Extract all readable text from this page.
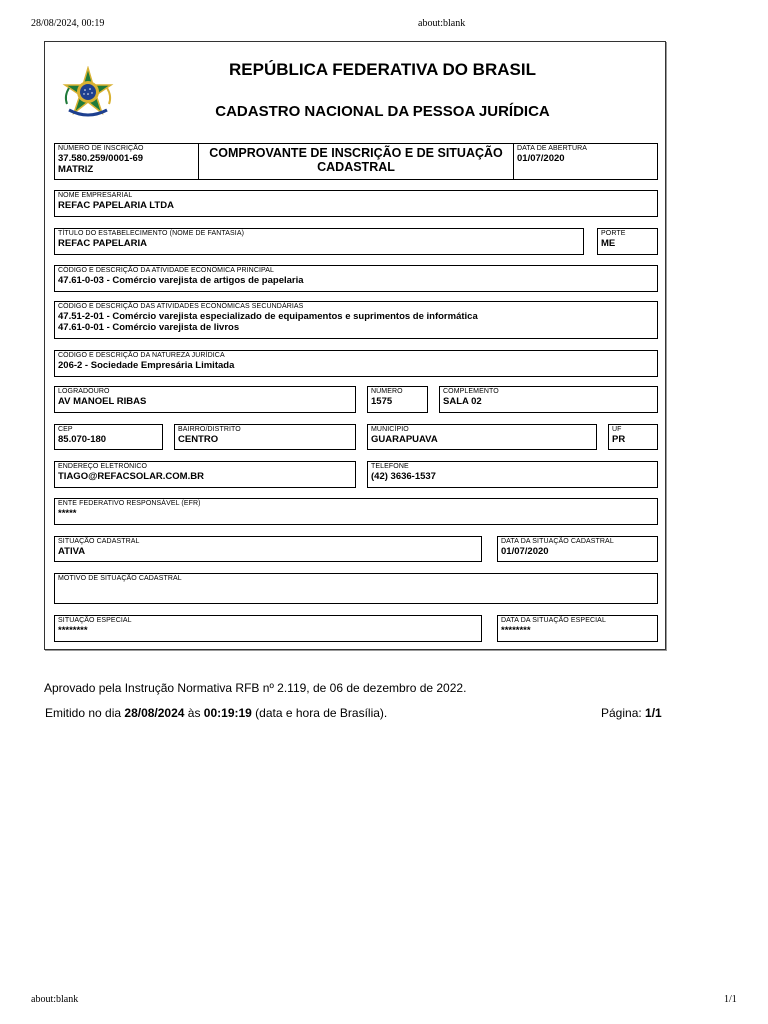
28/08/2024, 00:19	about:blank
REPÚBLICA FEDERATIVA DO BRASIL
CADASTRO NACIONAL DA PESSOA JURÍDICA
NÚMERO DE INSCRIÇÃO
37.580.259/0001-69
MATRIZ
COMPROVANTE DE INSCRIÇÃO E DE SITUAÇÃO
CADASTRAL
DATA DE ABERTURA
01/07/2020
NOME EMPRESARIAL
REFAC PAPELARIA LTDA
TÍTULO DO ESTABELECIMENTO (NOME DE FANTASIA)
REFAC PAPELARIA
PORTE
ME
CÓDIGO E DESCRIÇÃO DA ATIVIDADE ECONÔMICA PRINCIPAL
47.61-0-03 - Comércio varejista de artigos de papelaria
CÓDIGO E DESCRIÇÃO DAS ATIVIDADES ECONÔMICAS SECUNDÁRIAS
47.51-2-01 - Comércio varejista especializado de equipamentos e suprimentos de informática
47.61-0-01 - Comércio varejista de livros
CÓDIGO E DESCRIÇÃO DA NATUREZA JURÍDICA
206-2 - Sociedade Empresária Limitada
LOGRADOURO
AV MANOEL RIBAS
NÚMERO
1575
COMPLEMENTO
SALA 02
CEP
85.070-180
BAIRRO/DISTRITO
CENTRO
MUNICÍPIO
GUARAPUAVA
UF
PR
ENDEREÇO ELETRÔNICO
TIAGO@REFACSOLAR.COM.BR
TELEFONE
(42) 3636-1537
ENTE FEDERATIVO RESPONSÁVEL (EFR)
*****
SITUAÇÃO CADASTRAL
ATIVA
DATA DA SITUAÇÃO CADASTRAL
01/07/2020
MOTIVO DE SITUAÇÃO CADASTRAL
SITUAÇÃO ESPECIAL
********
DATA DA SITUAÇÃO ESPECIAL
********
Aprovado pela Instrução Normativa RFB nº 2.119, de 06 de dezembro de 2022.
Emitido no dia 28/08/2024 às 00:19:19 (data e hora de Brasília).	Página: 1/1
about:blank	1/1
